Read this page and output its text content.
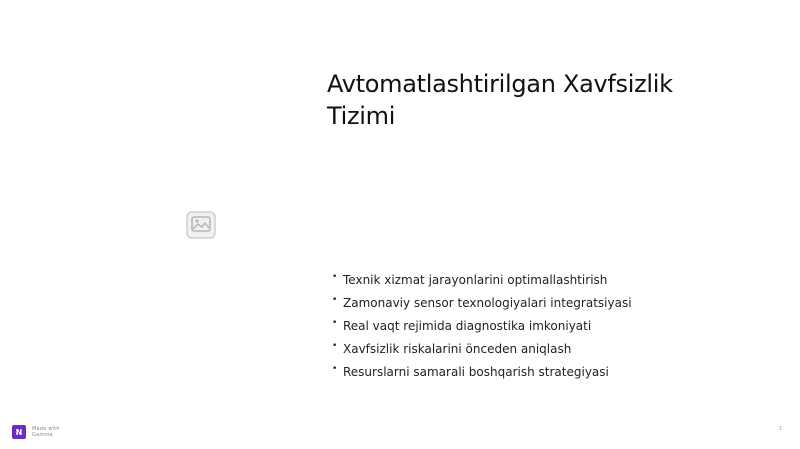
Avtomatlashtirilgan Xavfsizlik Tizimi
• Texnik xizmat jarayonlarini optimallashtirish
• Zamonaviy sensor texnologiyalari integratsiyasi
• Real vaqt rejimida diagnostika imkoniyati
• Xavfsizlik riskalarini önceden aniqlash
• Resurslarni samarali boshqarish strategiyasi
N	Made with
Gamma
1
